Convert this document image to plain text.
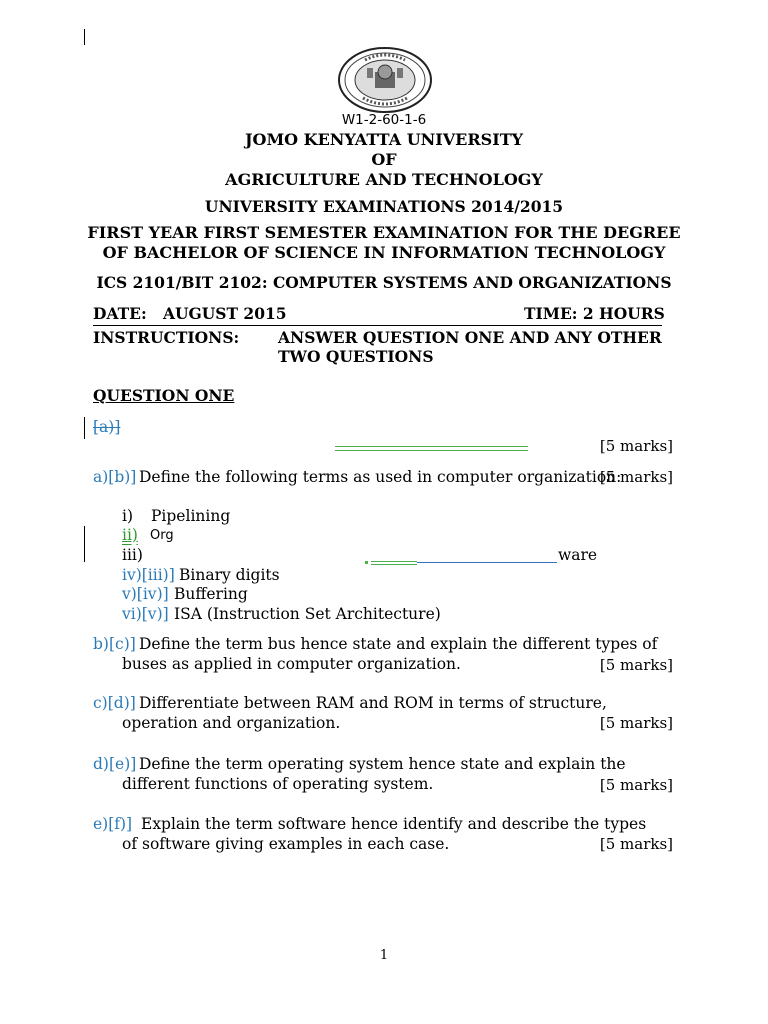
W1-2-60-1-6
JOMO KENYATTA UNIVERSITY
OF
AGRICULTURE AND TECHNOLOGY
UNIVERSITY EXAMINATIONS 2014/2015
FIRST YEAR FIRST SEMESTER EXAMINATION FOR THE DEGREE
OF BACHELOR OF SCIENCE IN INFORMATION TECHNOLOGY
ICS 2101/BIT 2102: COMPUTER SYSTEMS AND ORGANIZATIONS
DATE: AUGUST 2015	TIME: 2 HOURS
INSTRUCTIONS: ANSWER QUESTION ONE AND ANY OTHER
TWO QUESTIONS
QUESTION ONE
[a)]
[5 marks]
a)[b)] Define the following terms as used in computer organization:
[5 marks]
i) Pipelining
ii) Org
iii)	ware
iv)[iii)] Binary digits
v)[iv)] Buffering
vi)[v)] ISA (Instruction Set Architecture)
b)[c)] Define the term bus hence state and explain the different types of
buses as applied in computer organization.	[5 marks]
c)[d)] Differentiate between RAM and ROM in terms of structure,
operation and organization.	[5 marks]
d)[e)] Define the term operating system hence state and explain the
different functions of operating system.	[5 marks]
e)[f)] Explain the term software hence identify and describe the types
of software giving examples in each case.	[5 marks]
1
